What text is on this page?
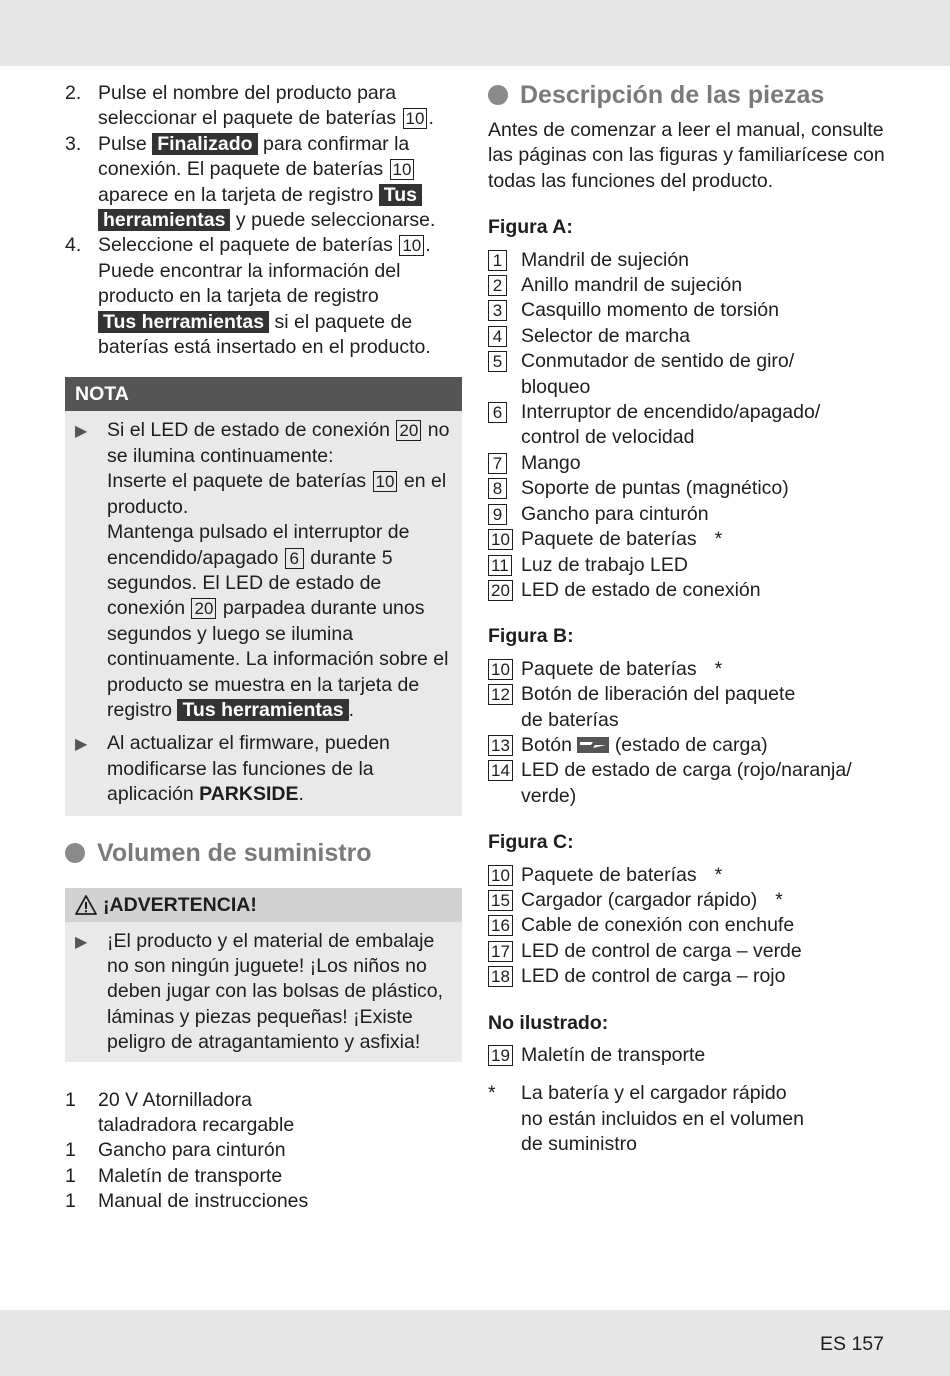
2. Pulse el nombre del producto para seleccionar el paquete de baterías 10 .
3. Pulse Finalizado para confirmar la conexión. El paquete de baterías 10 aparece en la tarjeta de registro Tus herramientas y puede seleccionarse.
4. Seleccione el paquete de baterías 10 . Puede encontrar la información del producto en la tarjeta de registro Tus herramientas si el paquete de baterías está insertado en el producto.
NOTA
▶	Si el LED de estado de conexión 20 no se ilumina continuamente:
Inserte el paquete de baterías 10 en el producto.
Mantenga pulsado el interruptor de encendido/apagado 6 durante 5 segundos. El LED de estado de conexión 20 parpadea durante unos segundos y luego se ilumina continuamente. La información sobre el producto se muestra en la tarjeta de registro Tus herramientas .
▶	Al actualizar el firmware, pueden modificarse las funciones de la aplicación PARKSIDE.
Volumen de suministro
¡ADVERTENCIA!
▶	¡El producto y el material de embalaje no son ningún juguete! ¡Los niños no deben jugar con las bolsas de plástico, láminas y piezas pequeñas! ¡Existe peligro de atragantamiento y asfixia!
1	20 V Atornilladora
taladradora recargable
1	Gancho para cinturón
1	Maletín de transporte
1	Manual de instrucciones
Descripción de las piezas
Antes de comenzar a leer el manual, consulte las páginas con las figuras y familiarícese con todas las funciones del producto.
Figura A:
1 Mandril de sujeción
2 Anillo mandril de sujeción
3 Casquillo momento de torsión
4 Selector de marcha
5 Conmutador de sentido de giro/
bloqueo
6 Interruptor de encendido/apagado/
control de velocidad
7 Mango
8 Soporte de puntas (magnético)
9 Gancho para cinturón
10 Paquete de baterías *
11 Luz de trabajo LED
20 LED de estado de conexión
Figura B:
10 Paquete de baterías *
12 Botón de liberación del paquete
de baterías
13 Botón (estado de carga)
14 LED de estado de carga (rojo/naranja/
verde)
Figura C:
10 Paquete de baterías *
15 Cargador (cargador rápido) *
16 Cable de conexión con enchufe
17 LED de control de carga – verde
18 LED de control de carga – rojo
No ilustrado:
19 Maletín de transporte
*	La batería y el cargador rápido
no están incluidos en el volumen
de suministro
ES 157
